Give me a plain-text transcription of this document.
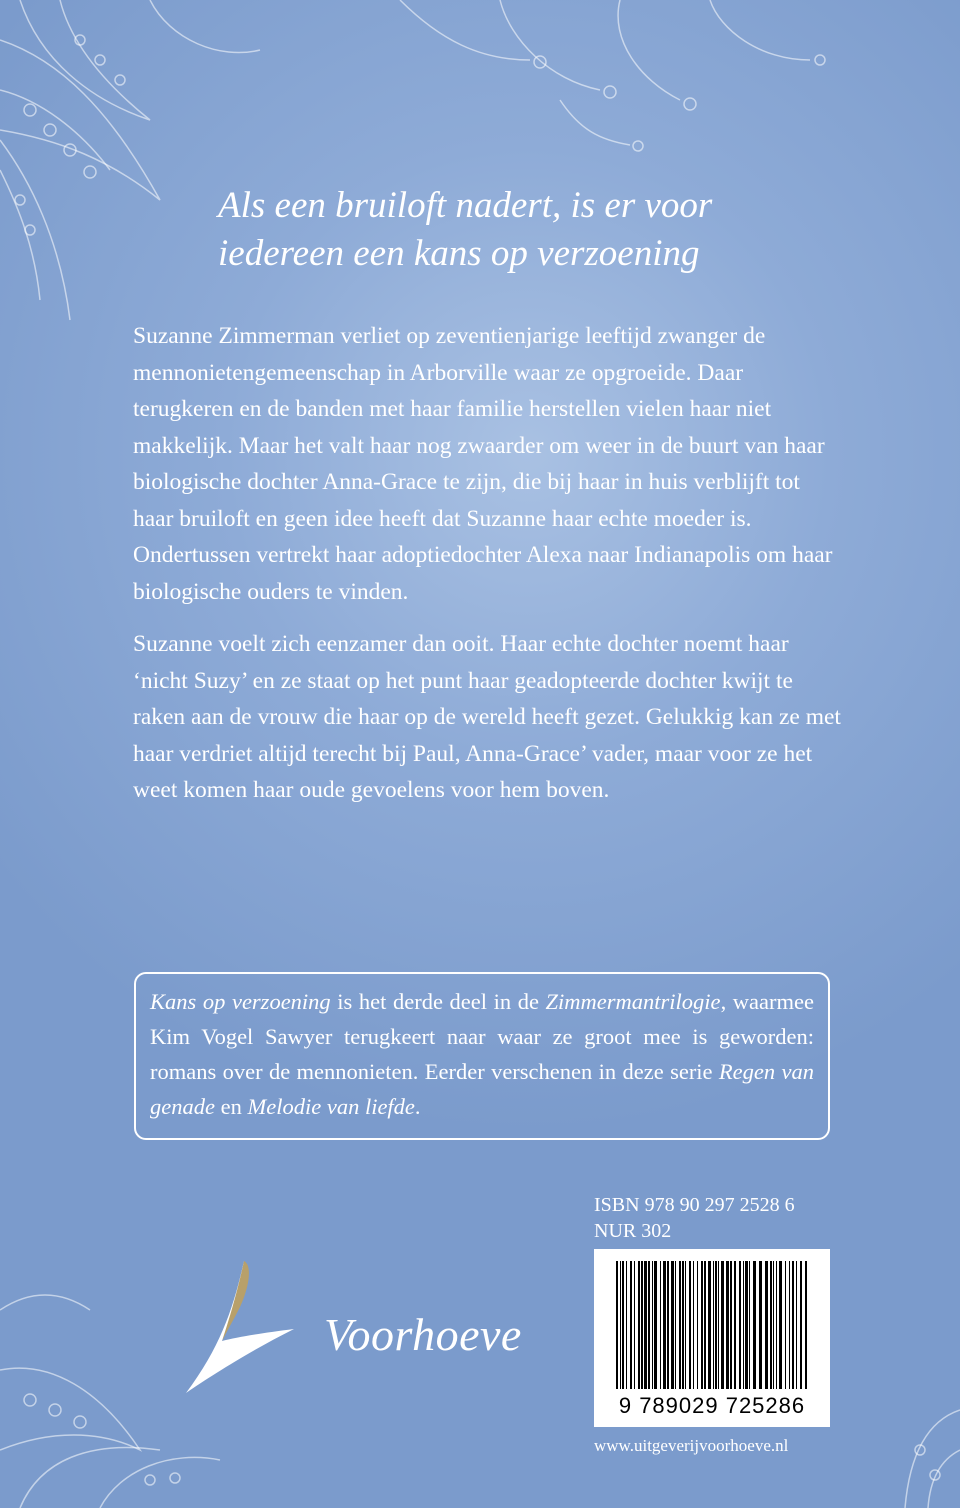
Als een bruiloft nadert, is er voor
iedereen een kans op verzoening

Suzanne Zimmerman verliet op zeventienjarige leeftijd zwanger de mennonietengemeenschap in Arborville waar ze opgroeide. Daar terugkeren en de banden met haar familie herstellen vielen haar niet makkelijk. Maar het valt haar nog zwaarder om weer in de buurt van haar biologische dochter Anna-Grace te zijn, die bij haar in huis verblijft tot haar bruiloft en geen idee heeft dat Suzanne haar echte moeder is. Ondertussen vertrekt haar adoptiedochter Alexa naar Indianapolis om haar biologische ouders te vinden.

Suzanne voelt zich eenzamer dan ooit. Haar echte dochter noemt haar ‘nicht Suzy’ en ze staat op het punt haar geadopteerde dochter kwijt te raken aan de vrouw die haar op de wereld heeft gezet. Gelukkig kan ze met haar verdriet altijd terecht bij Paul, Anna-Grace’ vader, maar voor ze het weet komen haar oude gevoelens voor hem boven.

Kans op verzoening is het derde deel in de Zimmermantrilogie, waarmee Kim Vogel Sawyer terugkeert naar waar ze groot mee is geworden: romans over de mennonieten. Eerder verschenen in deze serie Regen van genade en Melodie van liefde.
ISBN 978 90 297 2528 6
NUR 302
9 789029 725286
www.uitgeverijvoorhoeve.nl
Voorhoeve
